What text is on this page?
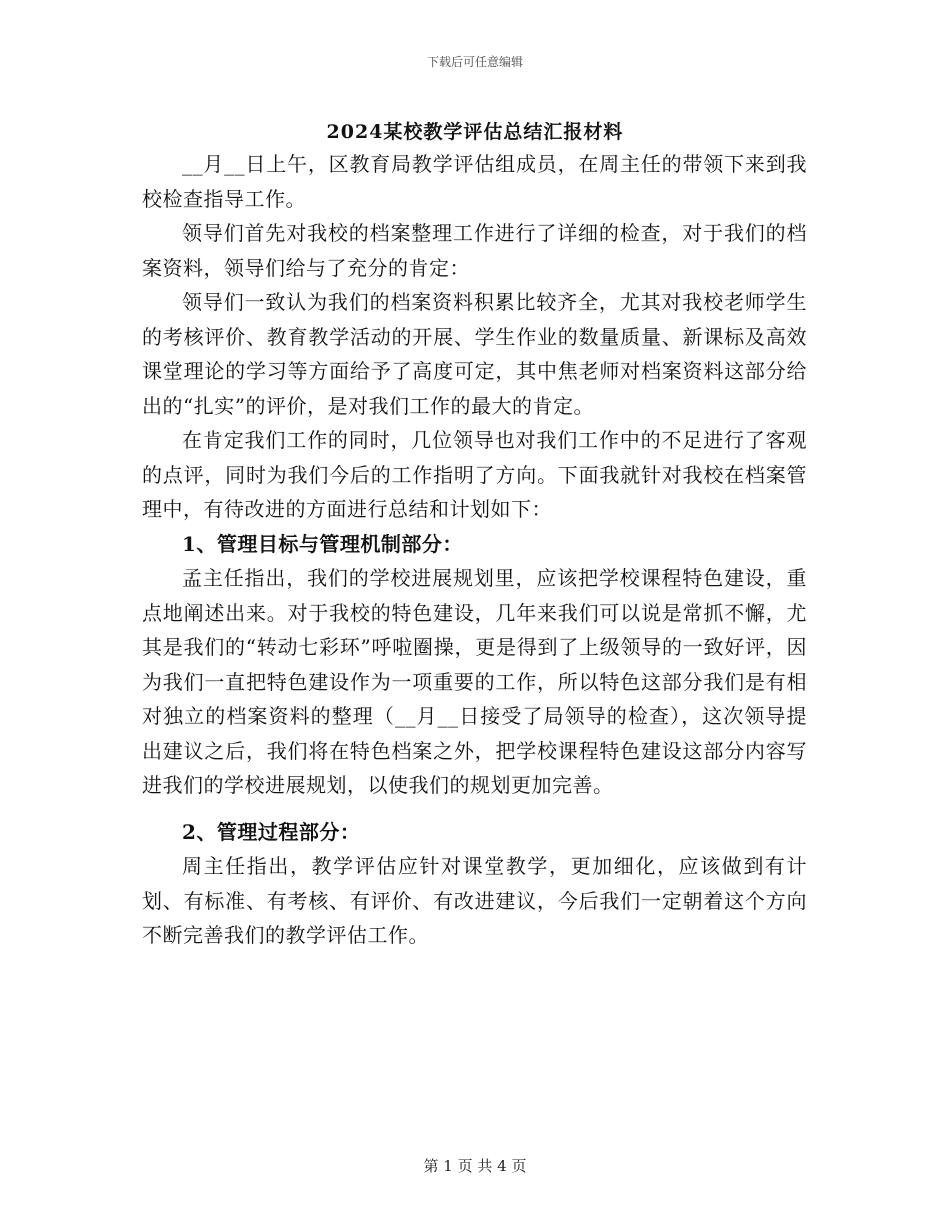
下载后可任意编辑
2024某校教学评估总结汇报材料

__月__日上午，区教育局教学评估组成员，在周主任的带领下来到我校检查指导工作。

领导们首先对我校的档案整理工作进行了详细的检查，对于我们的档案资料，领导们给与了充分的肯定：

领导们一致认为我们的档案资料积累比较齐全，尤其对我校老师学生的考核评价、教育教学活动的开展、学生作业的数量质量、新课标及高效课堂理论的学习等方面给予了高度可定，其中焦老师对档案资料这部分给出的“扎实”的评价，是对我们工作的最大的肯定。

在肯定我们工作的同时，几位领导也对我们工作中的不足进行了客观的点评，同时为我们今后的工作指明了方向。下面我就针对我校在档案管理中，有待改进的方面进行总结和计划如下：

1、管理目标与管理机制部分：

孟主任指出，我们的学校进展规划里，应该把学校课程特色建设，重点地阐述出来。对于我校的特色建设，几年来我们可以说是常抓不懈，尤其是我们的“转动七彩环”呼啦圈操，更是得到了上级领导的一致好评，因为我们一直把特色建设作为一项重要的工作，所以特色这部分我们是有相对独立的档案资料的整理（__月__日接受了局领导的检查），这次领导提出建议之后，我们将在特色档案之外，把学校课程特色建设这部分内容写进我们的学校进展规划，以使我们的规划更加完善。

2、管理过程部分：

周主任指出，教学评估应针对课堂教学，更加细化，应该做到有计划、有标准、有考核、有评价、有改进建议，今后我们一定朝着这个方向不断完善我们的教学评估工作。

第 1 页 共 4 页
